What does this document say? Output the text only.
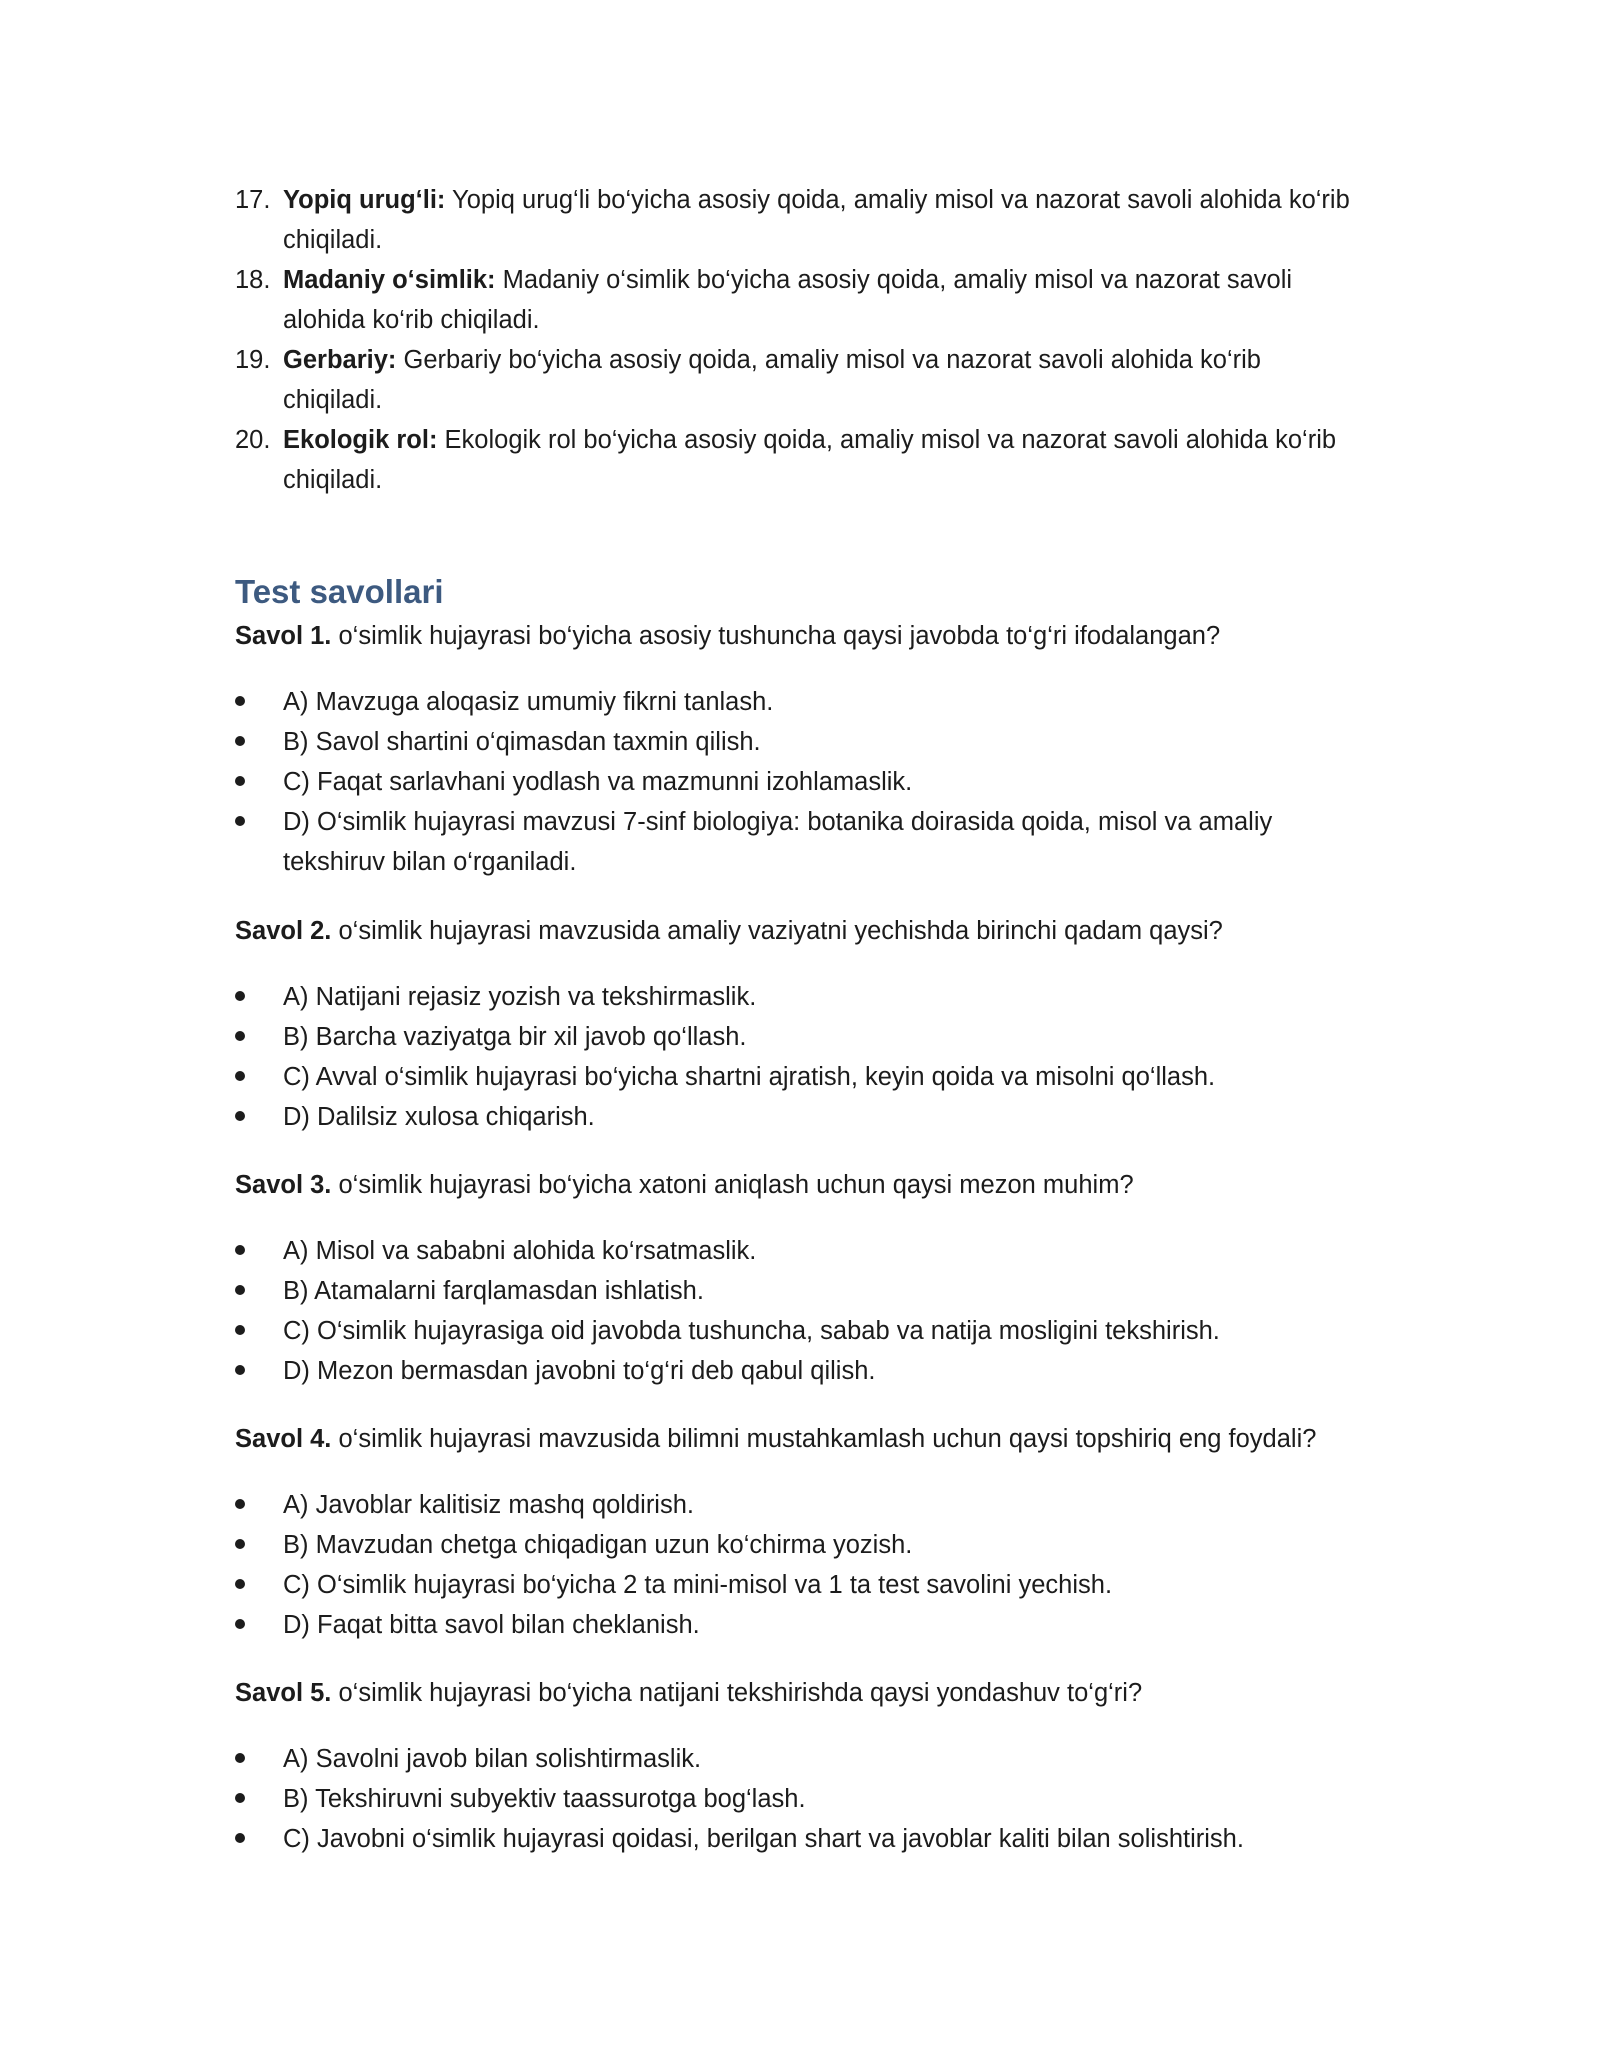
17. Yopiq urug‘li: Yopiq urug‘li bo‘yicha asosiy qoida, amaliy misol va nazorat savoli alohida ko‘rib chiqiladi.
18. Madaniy o‘simlik: Madaniy o‘simlik bo‘yicha asosiy qoida, amaliy misol va nazorat savoli alohida ko‘rib chiqiladi.
19. Gerbariy: Gerbariy bo‘yicha asosiy qoida, amaliy misol va nazorat savoli alohida ko‘rib chiqiladi.
20. Ekologik rol: Ekologik rol bo‘yicha asosiy qoida, amaliy misol va nazorat savoli alohida ko‘rib chiqiladi.
Test savollari

Savol 1. o‘simlik hujayrasi bo‘yicha asosiy tushuncha qaysi javobda to‘g‘ri ifodalangan?

A) Mavzuga aloqasiz umumiy fikrni tanlash.
B) Savol shartini o‘qimasdan taxmin qilish.
C) Faqat sarlavhani yodlash va mazmunni izohlamaslik.
D) O‘simlik hujayrasi mavzusi 7-sinf biologiya: botanika doirasida qoida, misol va amaliy tekshiruv bilan o‘rganiladi.

Savol 2. o‘simlik hujayrasi mavzusida amaliy vaziyatni yechishda birinchi qadam qaysi?

A) Natijani rejasiz yozish va tekshirmaslik.
B) Barcha vaziyatga bir xil javob qo‘llash.
C) Avval o‘simlik hujayrasi bo‘yicha shartni ajratish, keyin qoida va misolni qo‘llash.
D) Dalilsiz xulosa chiqarish.

Savol 3. o‘simlik hujayrasi bo‘yicha xatoni aniqlash uchun qaysi mezon muhim?

A) Misol va sababni alohida ko‘rsatmaslik.
B) Atamalarni farqlamasdan ishlatish.
C) O‘simlik hujayrasiga oid javobda tushuncha, sabab va natija mosligini tekshirish.
D) Mezon bermasdan javobni to‘g‘ri deb qabul qilish.

Savol 4. o‘simlik hujayrasi mavzusida bilimni mustahkamlash uchun qaysi topshiriq eng foydali?

A) Javoblar kalitisiz mashq qoldirish.
B) Mavzudan chetga chiqadigan uzun ko‘chirma yozish.
C) O‘simlik hujayrasi bo‘yicha 2 ta mini-misol va 1 ta test savolini yechish.
D) Faqat bitta savol bilan cheklanish.

Savol 5. o‘simlik hujayrasi bo‘yicha natijani tekshirishda qaysi yondashuv to‘g‘ri?

A) Savolni javob bilan solishtirmaslik.
B) Tekshiruvni subyektiv taassurotga bog‘lash.
C) Javobni o‘simlik hujayrasi qoidasi, berilgan shart va javoblar kaliti bilan solishtirish.
